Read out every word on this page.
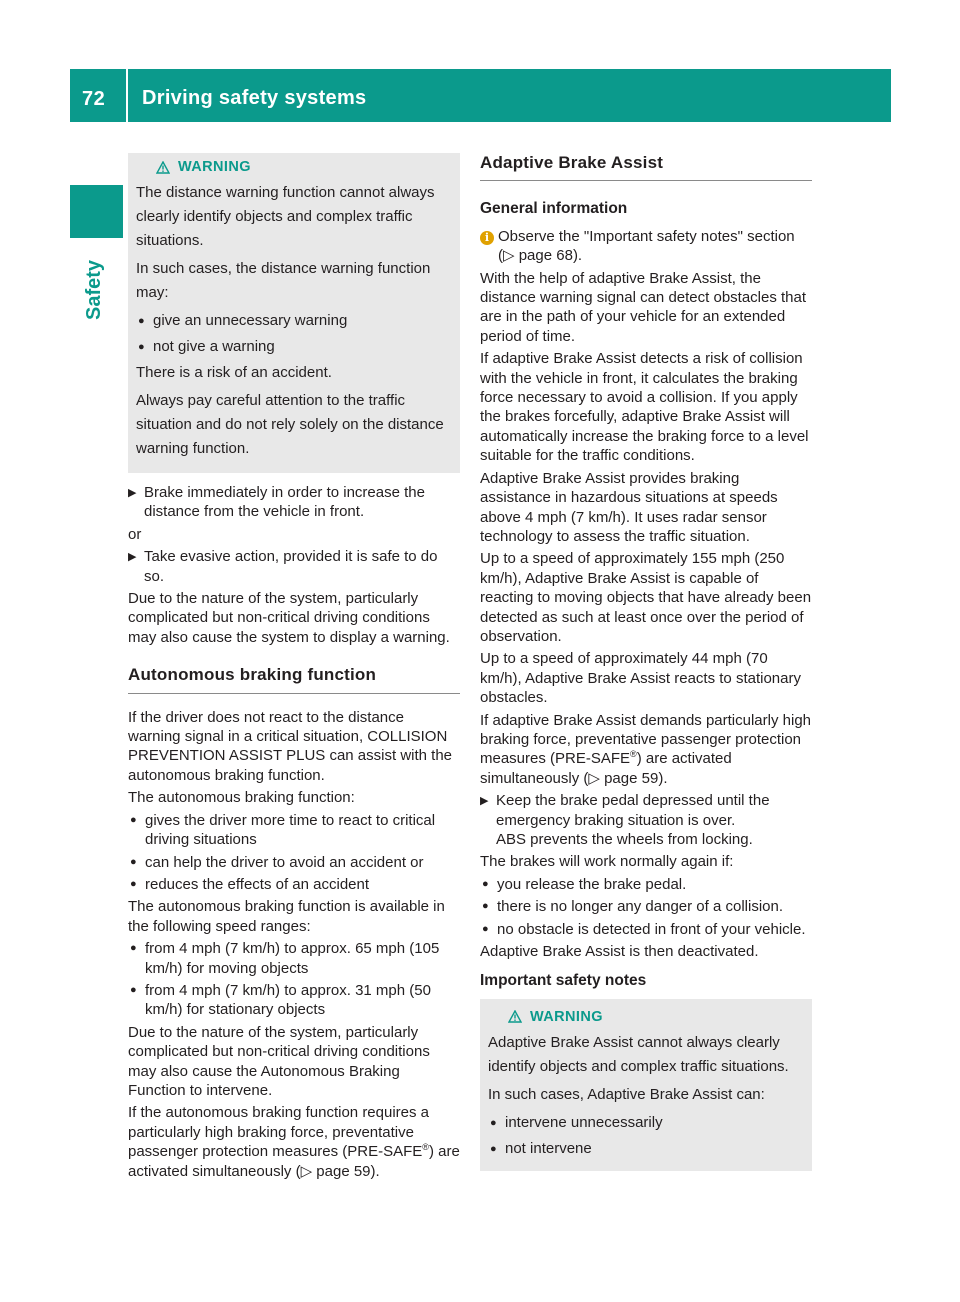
72 Driving safety systems
Safety
WARNING

The distance warning function cannot always clearly identify objects and complex traffic situations.

In such cases, the distance warning function may:

● give an unnecessary warning
● not give a warning

There is a risk of an accident.

Always pay careful attention to the traffic situation and do not rely solely on the distance warning function.

▶ Brake immediately in order to increase the distance from the vehicle in front.

or

▶ Take evasive action, provided it is safe to do so.

Due to the nature of the system, particularly complicated but non-critical driving conditions may also cause the system to display a warning.

Autonomous braking function

If the driver does not react to the distance warning signal in a critical situation, COLLISION PREVENTION ASSIST PLUS can assist with the autonomous braking function.

The autonomous braking function:

● gives the driver more time to react to critical driving situations
● can help the driver to avoid an accident or
● reduces the effects of an accident

The autonomous braking function is available in the following speed ranges:

● from 4 mph (7 km/h) to approx. 65 mph (105 km/h) for moving objects
● from 4 mph (7 km/h) to approx. 31 mph (50 km/h) for stationary objects

Due to the nature of the system, particularly complicated but non-critical driving conditions may also cause the Autonomous Braking Function to intervene.

If the autonomous braking function requires a particularly high braking force, preventative passenger protection measures (PRE-SAFE®) are activated simultaneously (▷ page 59).

Adaptive Brake Assist
General information
i Observe the "Important safety notes" section (▷ page 68).

With the help of adaptive Brake Assist, the distance warning signal can detect obstacles that are in the path of your vehicle for an extended period of time.

If adaptive Brake Assist detects a risk of collision with the vehicle in front, it calculates the braking force necessary to avoid a collision. If you apply the brakes forcefully, adaptive Brake Assist will automatically increase the braking force to a level suitable for the traffic conditions.

Adaptive Brake Assist provides braking assistance in hazardous situations at speeds above 4 mph (7 km/h). It uses radar sensor technology to assess the traffic situation.

Up to a speed of approximately 155 mph (250 km/h), Adaptive Brake Assist is capable of reacting to moving objects that have already been detected as such at least once over the period of observation.

Up to a speed of approximately 44 mph (70 km/h), Adaptive Brake Assist reacts to stationary obstacles.

If adaptive Brake Assist demands particularly high braking force, preventative passenger protection measures (PRE-SAFE®) are activated simultaneously (▷ page 59).

▶ Keep the brake pedal depressed until the emergency braking situation is over.
ABS prevents the wheels from locking.

The brakes will work normally again if:

● you release the brake pedal.
● there is no longer any danger of a collision.
● no obstacle is detected in front of your vehicle.

Adaptive Brake Assist is then deactivated.

Important safety notes
WARNING

Adaptive Brake Assist cannot always clearly identify objects and complex traffic situations.

In such cases, Adaptive Brake Assist can:

● intervene unnecessarily
● not intervene
